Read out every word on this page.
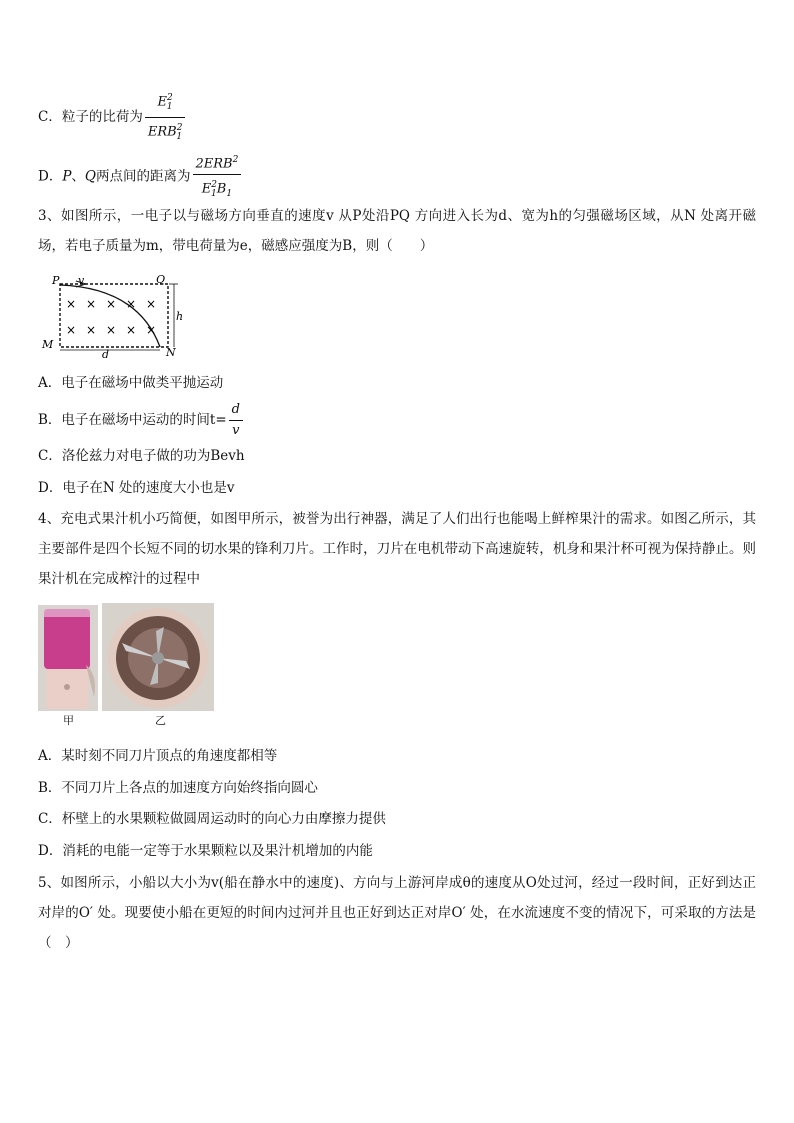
C．粒子的比荷为 $\frac{E^2_1}{ERB^2_1}$
D．P、Q两点间的距离为 $\frac{2ERB^2}{E^2_1B_1}$
3、如图所示，一电子以与磁场方向垂直的速度v 从P处沿PQ 方向进入长为d、宽为h的匀强磁场区域，从N 处离开磁场，若电子质量为m，带电荷量为e，磁感应强度为B，则（　　）
P v	Q
h
M
d	N
× × × × ×
× × × × ×
A．电子在磁场中做类平抛运动
B．电子在磁场中运动的时间$t= \frac{d}{v}$
C．洛伦兹力对电子做的功为Bevh
D．电子在N 处的速度大小也是v
4、充电式果汁机小巧简便，如图甲所示，被誉为出行神器，满足了人们出行也能喝上鲜榨果汁的需求。如图乙所示，其主要部件是四个长短不同的切水果的锋利刀片。工作时，刀片在电机带动下高速旋转，机身和果汁杯可视为保持静止。则果汁机在完成榨汁的过程中
甲	乙
A．某时刻不同刀片顶点的角速度都相等
B．不同刀片上各点的加速度方向始终指向圆心
C．杯壁上的水果颗粒做圆周运动时的向心力由摩擦力提供
D．消耗的电能一定等于水果颗粒以及果汁机增加的内能
5、如图所示，小船以大小为v(船在静水中的速度)、方向与上游河岸成θ的速度从O处过河，经过一段时间，正好到达正对岸的O′ 处。现要使小船在更短的时间内过河并且也正好到达正对岸O′ 处，在水流速度不变的情况下，可采取的方法是（　）
